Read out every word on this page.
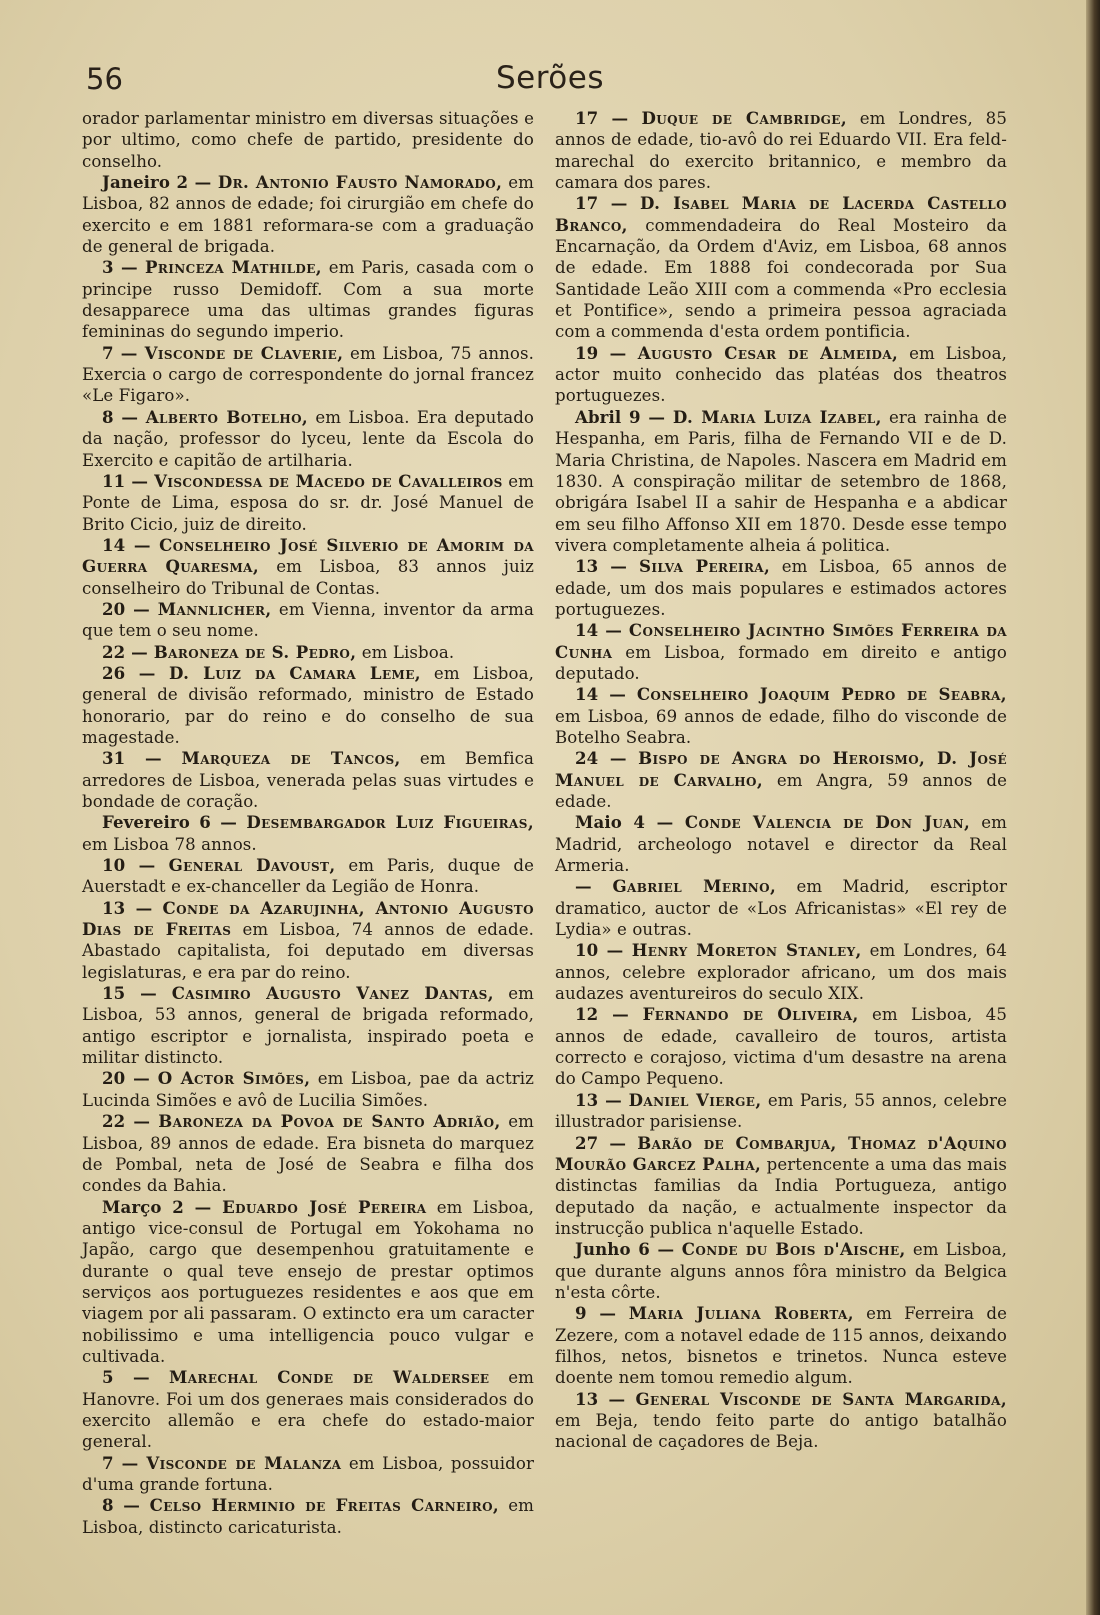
56	Serões

orador parlamentar ministro em diversas situações e por ultimo, como chefe de partido, presidente do conselho.

Janeiro 2 — Dr. Antonio Fausto Namorado, em Lisboa, 82 annos de edade; foi cirurgião em chefe do exercito e em 1881 reformara-se com a graduação de general de brigada.

3 — Princeza Mathilde, em Paris, casada com o principe russo Demidoff. Com a sua morte desapparece uma das ultimas grandes figuras femininas do segundo imperio.

7 — Visconde de Claverie, em Lisboa, 75 annos. Exercia o cargo de correspondente do jornal francez «Le Figaro».

8 — Alberto Botelho, em Lisboa. Era deputado da nação, professor do lyceu, lente da Escola do Exercito e capitão de artilharia.

11 — Viscondessa de Macedo de Cavalleiros em Ponte de Lima, esposa do sr. dr. José Manuel de Brito Cicio, juiz de direito.

14 — Conselheiro José Silverio de Amorim da Guerra Quaresma, em Lisboa, 83 annos juiz conselheiro do Tribunal de Contas.

20 — Mannlicher, em Vienna, inventor da arma que tem o seu nome.

22 — Baroneza de S. Pedro, em Lisboa.

26 — D. Luiz da Camara Leme, em Lisboa, general de divisão reformado, ministro de Estado honorario, par do reino e do conselho de sua magestade.

31 — Marqueza de Tancos, em Bemfica arredores de Lisboa, venerada pelas suas virtudes e bondade de coração.

Fevereiro 6 — Desembargador Luiz Figueiras, em Lisboa 78 annos.

10 — General Davoust, em Paris, duque de Auerstadt e ex-chanceller da Legião de Honra.

13 — Conde da Azarujinha, Antonio Augusto Dias de Freitas em Lisboa, 74 annos de edade. Abastado capitalista, foi deputado em diversas legislaturas, e era par do reino.

15 — Casimiro Augusto Vanez Dantas, em Lisboa, 53 annos, general de brigada reformado, antigo escriptor e jornalista, inspirado poeta e militar distincto.

20 — O Actor Simões, em Lisboa, pae da actriz Lucinda Simões e avô de Lucilia Simões.

22 — Baroneza da Povoa de Santo Adrião, em Lisboa, 89 annos de edade. Era bisneta do marquez de Pombal, neta de José de Seabra e filha dos condes da Bahia.

Março 2 — Eduardo José Pereira em Lisboa, antigo vice-consul de Portugal em Yokohama no Japão, cargo que desempenhou gratuitamente e durante o qual teve ensejo de prestar optimos serviços aos portuguezes residentes e aos que em viagem por ali passaram. O extincto era um caracter nobilissimo e uma intelligencia pouco vulgar e cultivada.

5 — Marechal Conde de Waldersee em Hanovre. Foi um dos generaes mais considerados do exercito allemão e era chefe do estado-maior general.

7 — Visconde de Malanza em Lisboa, possuidor d'uma grande fortuna.

8 — Celso Herminio de Freitas Carneiro, em Lisboa, distincto caricaturista.

17 — Duque de Cambridge, em Londres, 85 annos de edade, tio-avô do rei Eduardo VII. Era feld-marechal do exercito britannico, e membro da camara dos pares.

17 — D. Isabel Maria de Lacerda Castello Branco, commendadeira do Real Mosteiro da Encarnação, da Ordem d'Aviz, em Lisboa, 68 annos de edade. Em 1888 foi condecorada por Sua Santidade Leão XIII com a commenda «Pro ecclesia et Pontifice», sendo a primeira pessoa agraciada com a commenda d'esta ordem pontificia.

19 — Augusto Cesar de Almeida, em Lisboa, actor muito conhecido das platéas dos theatros portuguezes.

Abril 9 — D. Maria Luiza Izabel, era rainha de Hespanha, em Paris, filha de Fernando VII e de D. Maria Christina, de Napoles. Nascera em Madrid em 1830. A conspiração militar de setembro de 1868, obrigára Isabel II a sahir de Hespanha e a abdicar em seu filho Affonso XII em 1870. Desde esse tempo vivera completamente alheia á politica.

13 — Silva Pereira, em Lisboa, 65 annos de edade, um dos mais populares e estimados actores portuguezes.

14 — Conselheiro Jacintho Simões Ferreira da Cunha em Lisboa, formado em direito e antigo deputado.

14 — Conselheiro Joaquim Pedro de Seabra, em Lisboa, 69 annos de edade, filho do visconde de Botelho Seabra.

24 — Bispo de Angra do Heroismo, D. José Manuel de Carvalho, em Angra, 59 annos de edade.

Maio 4 — Conde Valencia de Don Juan, em Madrid, archeologo notavel e director da Real Armeria.

— Gabriel Merino, em Madrid, escriptor dramatico, auctor de «Los Africanistas» «El rey de Lydia» e outras.

10 — Henry Moreton Stanley, em Londres, 64 annos, celebre explorador africano, um dos mais audazes aventureiros do seculo XIX.

12 — Fernando de Oliveira, em Lisboa, 45 annos de edade, cavalleiro de touros, artista correcto e corajoso, victima d'um desastre na arena do Campo Pequeno.

13 — Daniel Vierge, em Paris, 55 annos, celebre illustrador parisiense.

27 — Barão de Combarjua, Thomaz d'Aquino Mourão Garcez Palha, pertencente a uma das mais distinctas familias da India Portugueza, antigo deputado da nação, e actualmente inspector da instrucção publica n'aquelle Estado.

Junho 6 — Conde du Bois d'Aische, em Lisboa, que durante alguns annos fôra ministro da Belgica n'esta côrte.

9 — Maria Juliana Roberta, em Ferreira de Zezere, com a notavel edade de 115 annos, deixando filhos, netos, bisnetos e trinetos. Nunca esteve doente nem tomou remedio algum.

13 — General Visconde de Santa Margarida, em Beja, tendo feito parte do antigo batalhão nacional de caçadores de Beja.
